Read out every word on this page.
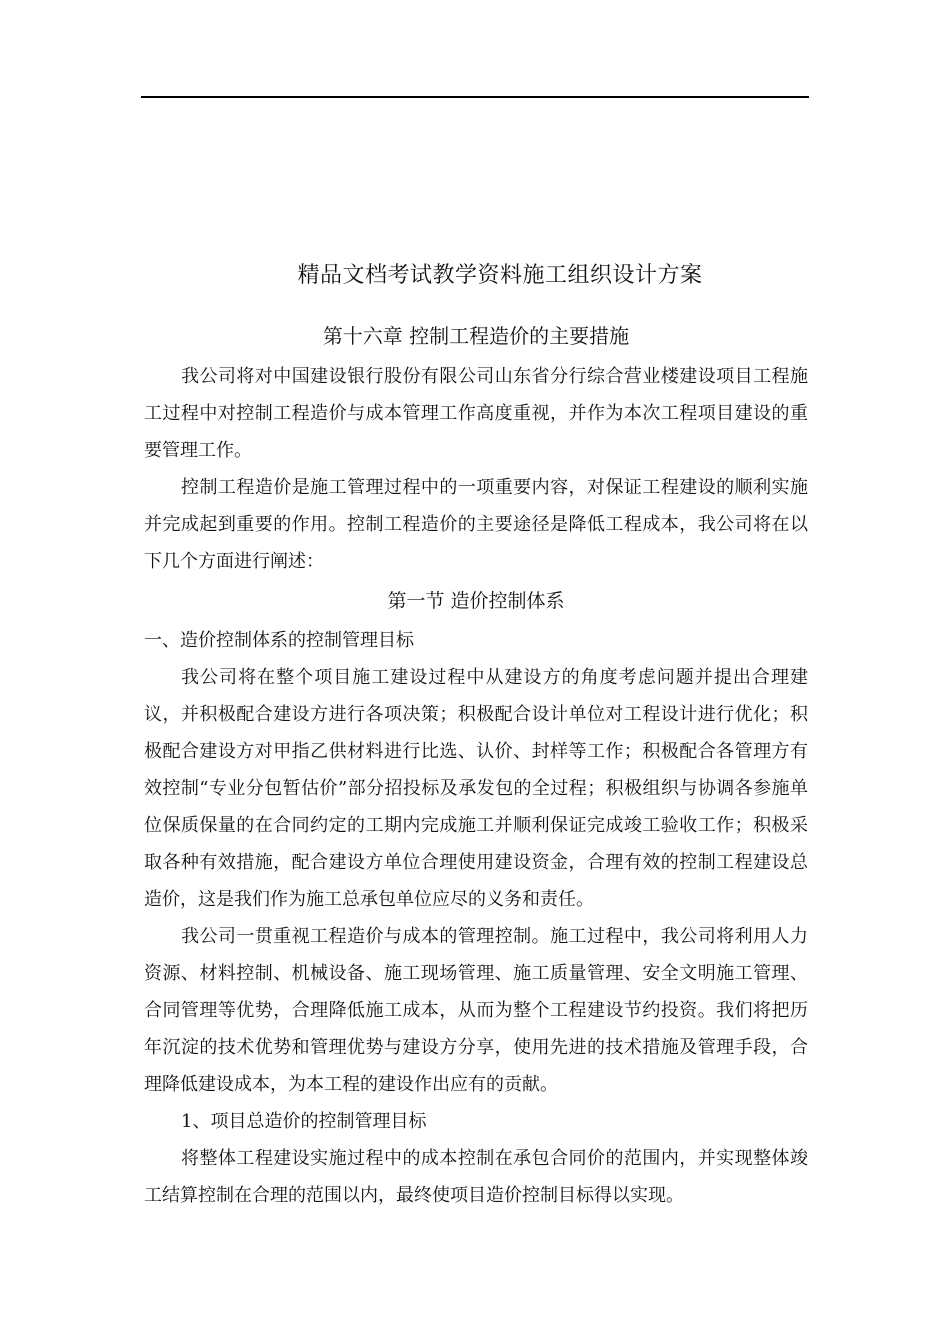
精品文档考试教学资料施工组织设计方案
第十六章 控制工程造价的主要措施

我公司将对中国建设银行股份有限公司山东省分行综合营业楼建设项目工程施工过程中对控制工程造价与成本管理工作高度重视，并作为本次工程项目建设的重要管理工作。

控制工程造价是施工管理过程中的一项重要内容，对保证工程建设的顺利实施并完成起到重要的作用。控制工程造价的主要途径是降低工程成本，我公司将在以下几个方面进行阐述：

第一节 造价控制体系

一、造价控制体系的控制管理目标

我公司将在整个项目施工建设过程中从建设方的角度考虑问题并提出合理建议，并积极配合建设方进行各项决策；积极配合设计单位对工程设计进行优化；积极配合建设方对甲指乙供材料进行比选、认价、封样等工作；积极配合各管理方有效控制“专业分包暂估价”部分招投标及承发包的全过程；积极组织与协调各参施单位保质保量的在合同约定的工期内完成施工并顺利保证完成竣工验收工作；积极采取各种有效措施，配合建设方单位合理使用建设资金，合理有效的控制工程建设总造价，这是我们作为施工总承包单位应尽的义务和责任。

我公司一贯重视工程造价与成本的管理控制。施工过程中，我公司将利用人力资源、材料控制、机械设备、施工现场管理、施工质量管理、安全文明施工管理、合同管理等优势，合理降低施工成本，从而为整个工程建设节约投资。我们将把历年沉淀的技术优势和管理优势与建设方分享，使用先进的技术措施及管理手段，合理降低建设成本，为本工程的建设作出应有的贡献。

1、项目总造价的控制管理目标

将整体工程建设实施过程中的成本控制在承包合同价的范围内，并实现整体竣工结算控制在合理的范围以内，最终使项目造价控制目标得以实现。
